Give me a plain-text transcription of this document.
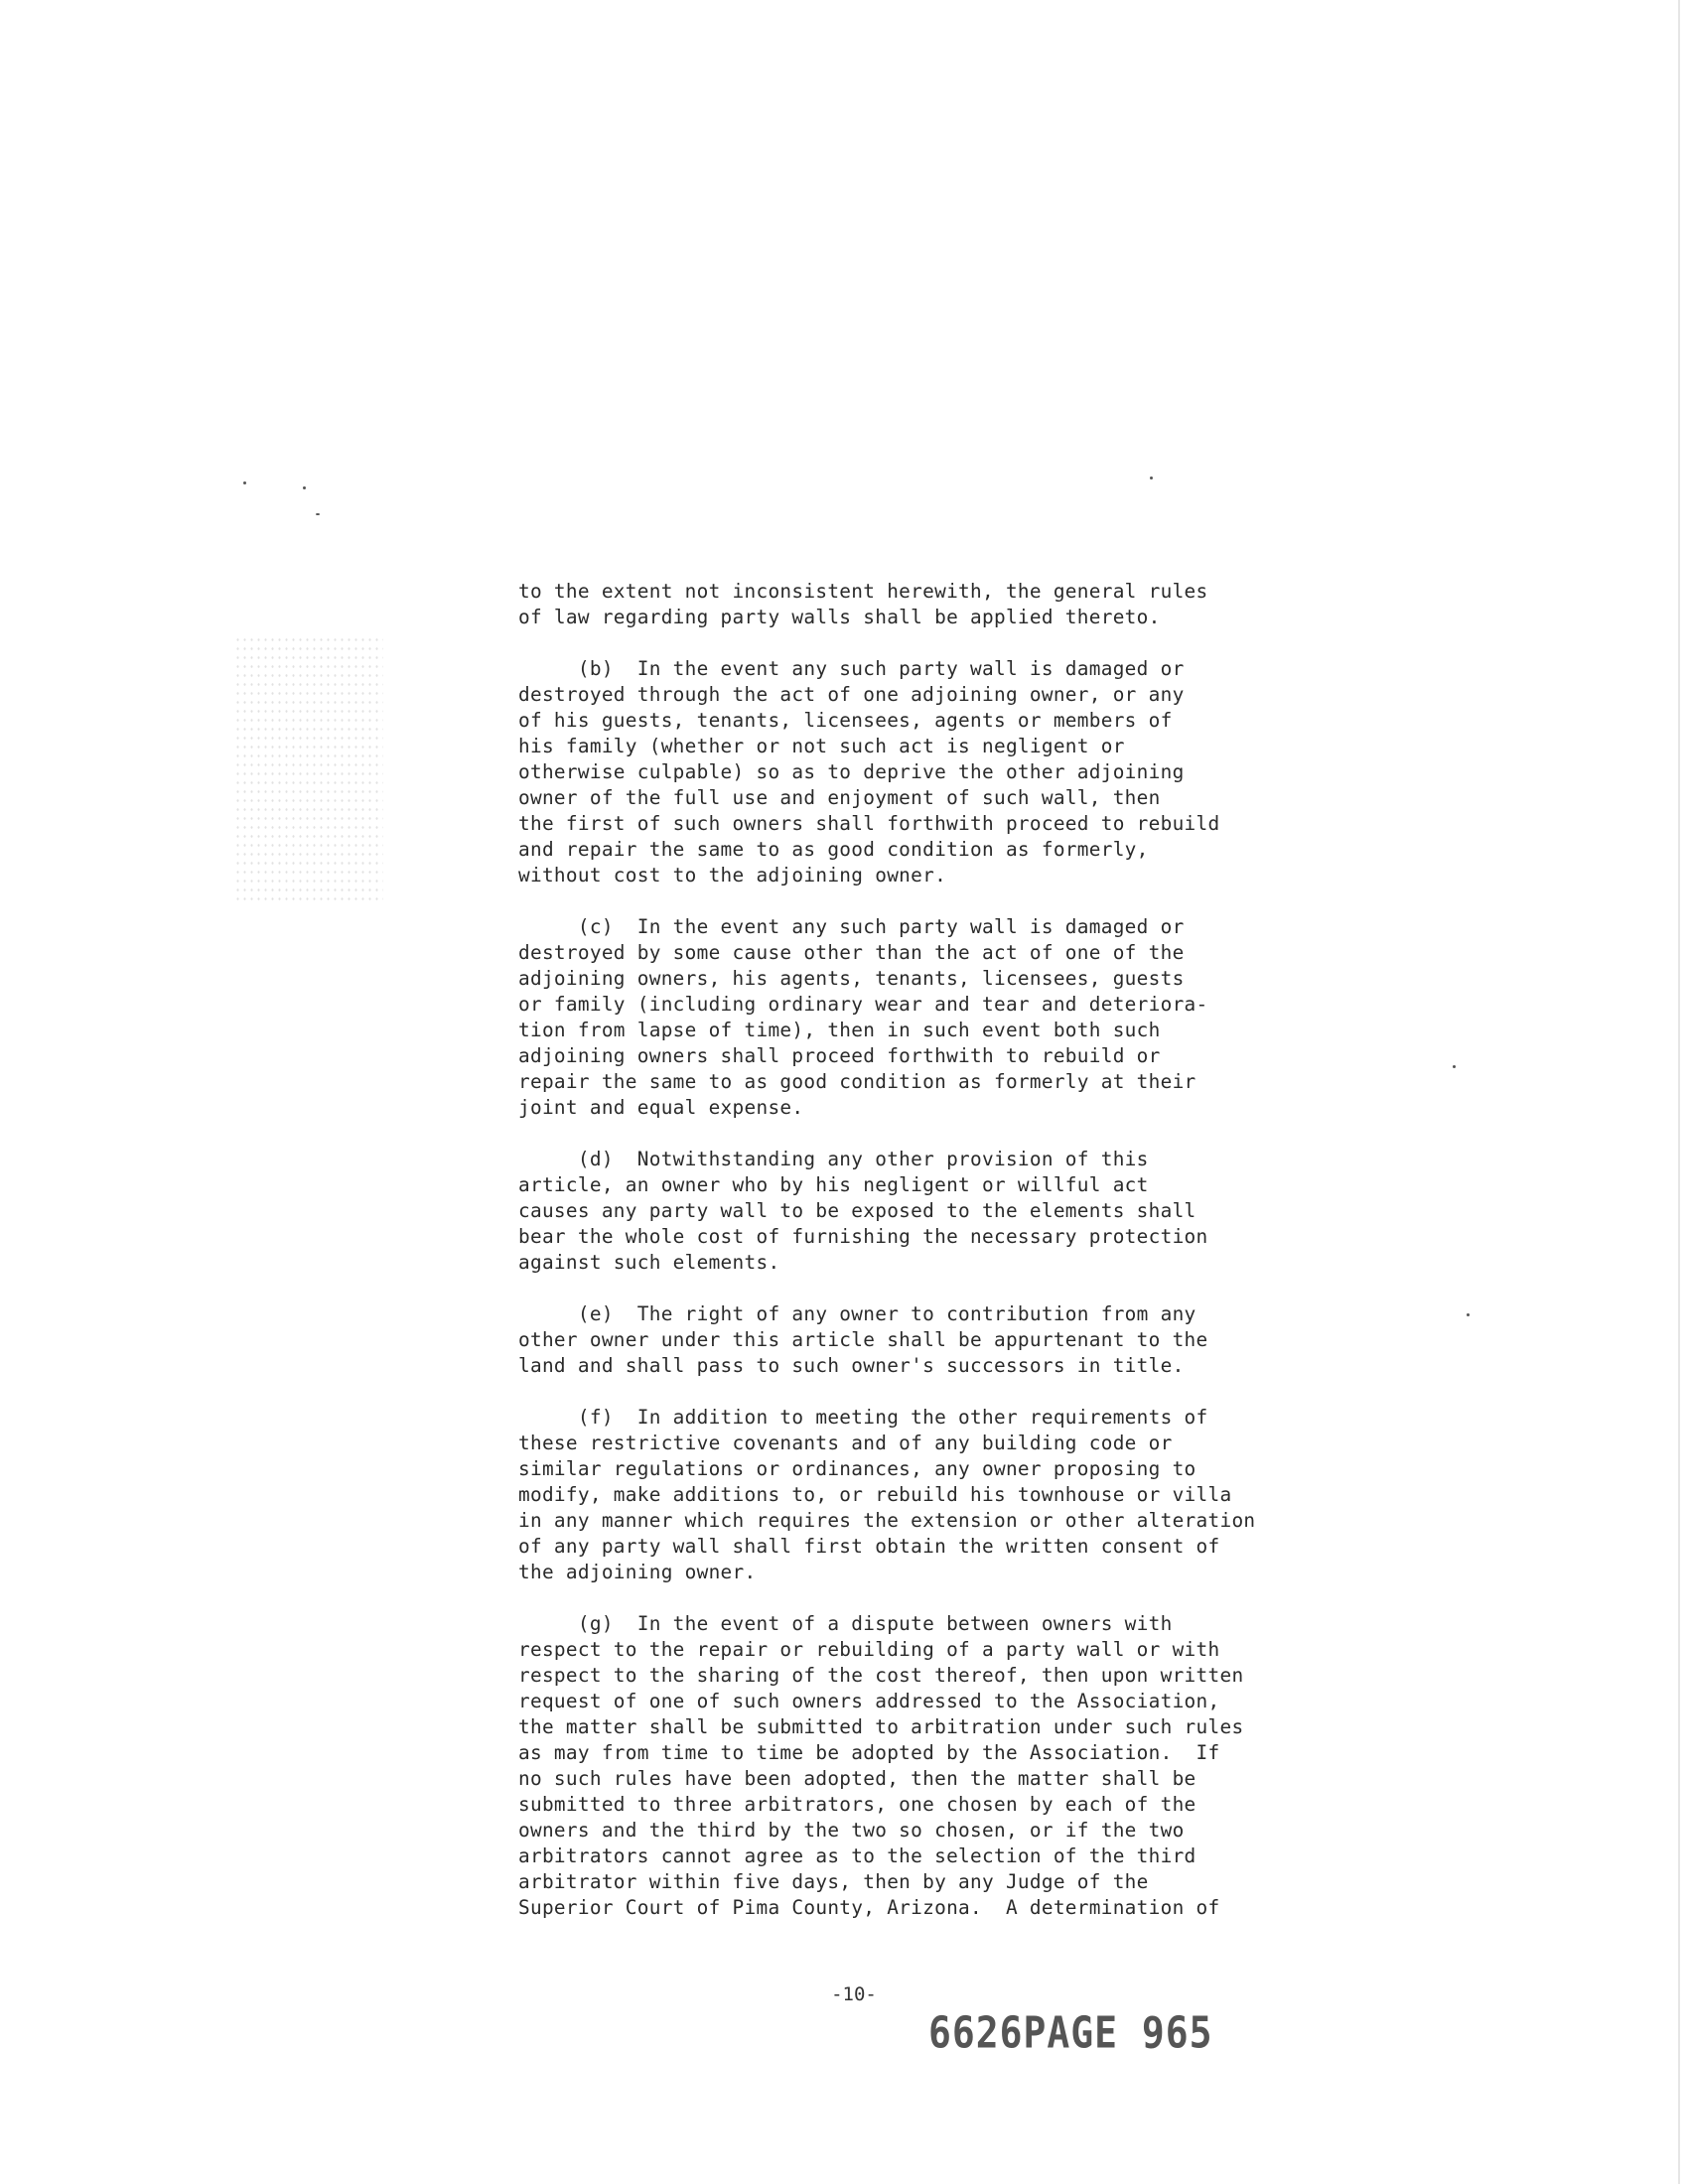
to the extent not inconsistent herewith, the general rules
of law regarding party walls shall be applied thereto.

(b)  In the event any such party wall is damaged or
destroyed through the act of one adjoining owner, or any
of his guests, tenants, licensees, agents or members of
his family (whether or not such act is negligent or
otherwise culpable) so as to deprive the other adjoining
owner of the full use and enjoyment of such wall, then
the first of such owners shall forthwith proceed to rebuild
and repair the same to as good condition as formerly,
without cost to the adjoining owner.

(c)  In the event any such party wall is damaged or
destroyed by some cause other than the act of one of the
adjoining owners, his agents, tenants, licensees, guests
or family (including ordinary wear and tear and deteriora-
tion from lapse of time), then in such event both such
adjoining owners shall proceed forthwith to rebuild or
repair the same to as good condition as formerly at their
joint and equal expense.

(d)  Notwithstanding any other provision of this
article, an owner who by his negligent or willful act
causes any party wall to be exposed to the elements shall
bear the whole cost of furnishing the necessary protection
against such elements.

(e)  The right of any owner to contribution from any
other owner under this article shall be appurtenant to the
land and shall pass to such owner's successors in title.

(f)  In addition to meeting the other requirements of
these restrictive covenants and of any building code or
similar regulations or ordinances, any owner proposing to
modify, make additions to, or rebuild his townhouse or villa
in any manner which requires the extension or other alteration
of any party wall shall first obtain the written consent of
the adjoining owner.

(g)  In the event of a dispute between owners with
respect to the repair or rebuilding of a party wall or with
respect to the sharing of the cost thereof, then upon written
request of one of such owners addressed to the Association,
the matter shall be submitted to arbitration under such rules
as may from time to time be adopted by the Association.  If
no such rules have been adopted, then the matter shall be
submitted to three arbitrators, one chosen by each of the
owners and the third by the two so chosen, or if the two
arbitrators cannot agree as to the selection of the third
arbitrator within five days, then by any Judge of the
Superior Court of Pima County, Arizona.  A determination of

-10-
6626PAGE 965
